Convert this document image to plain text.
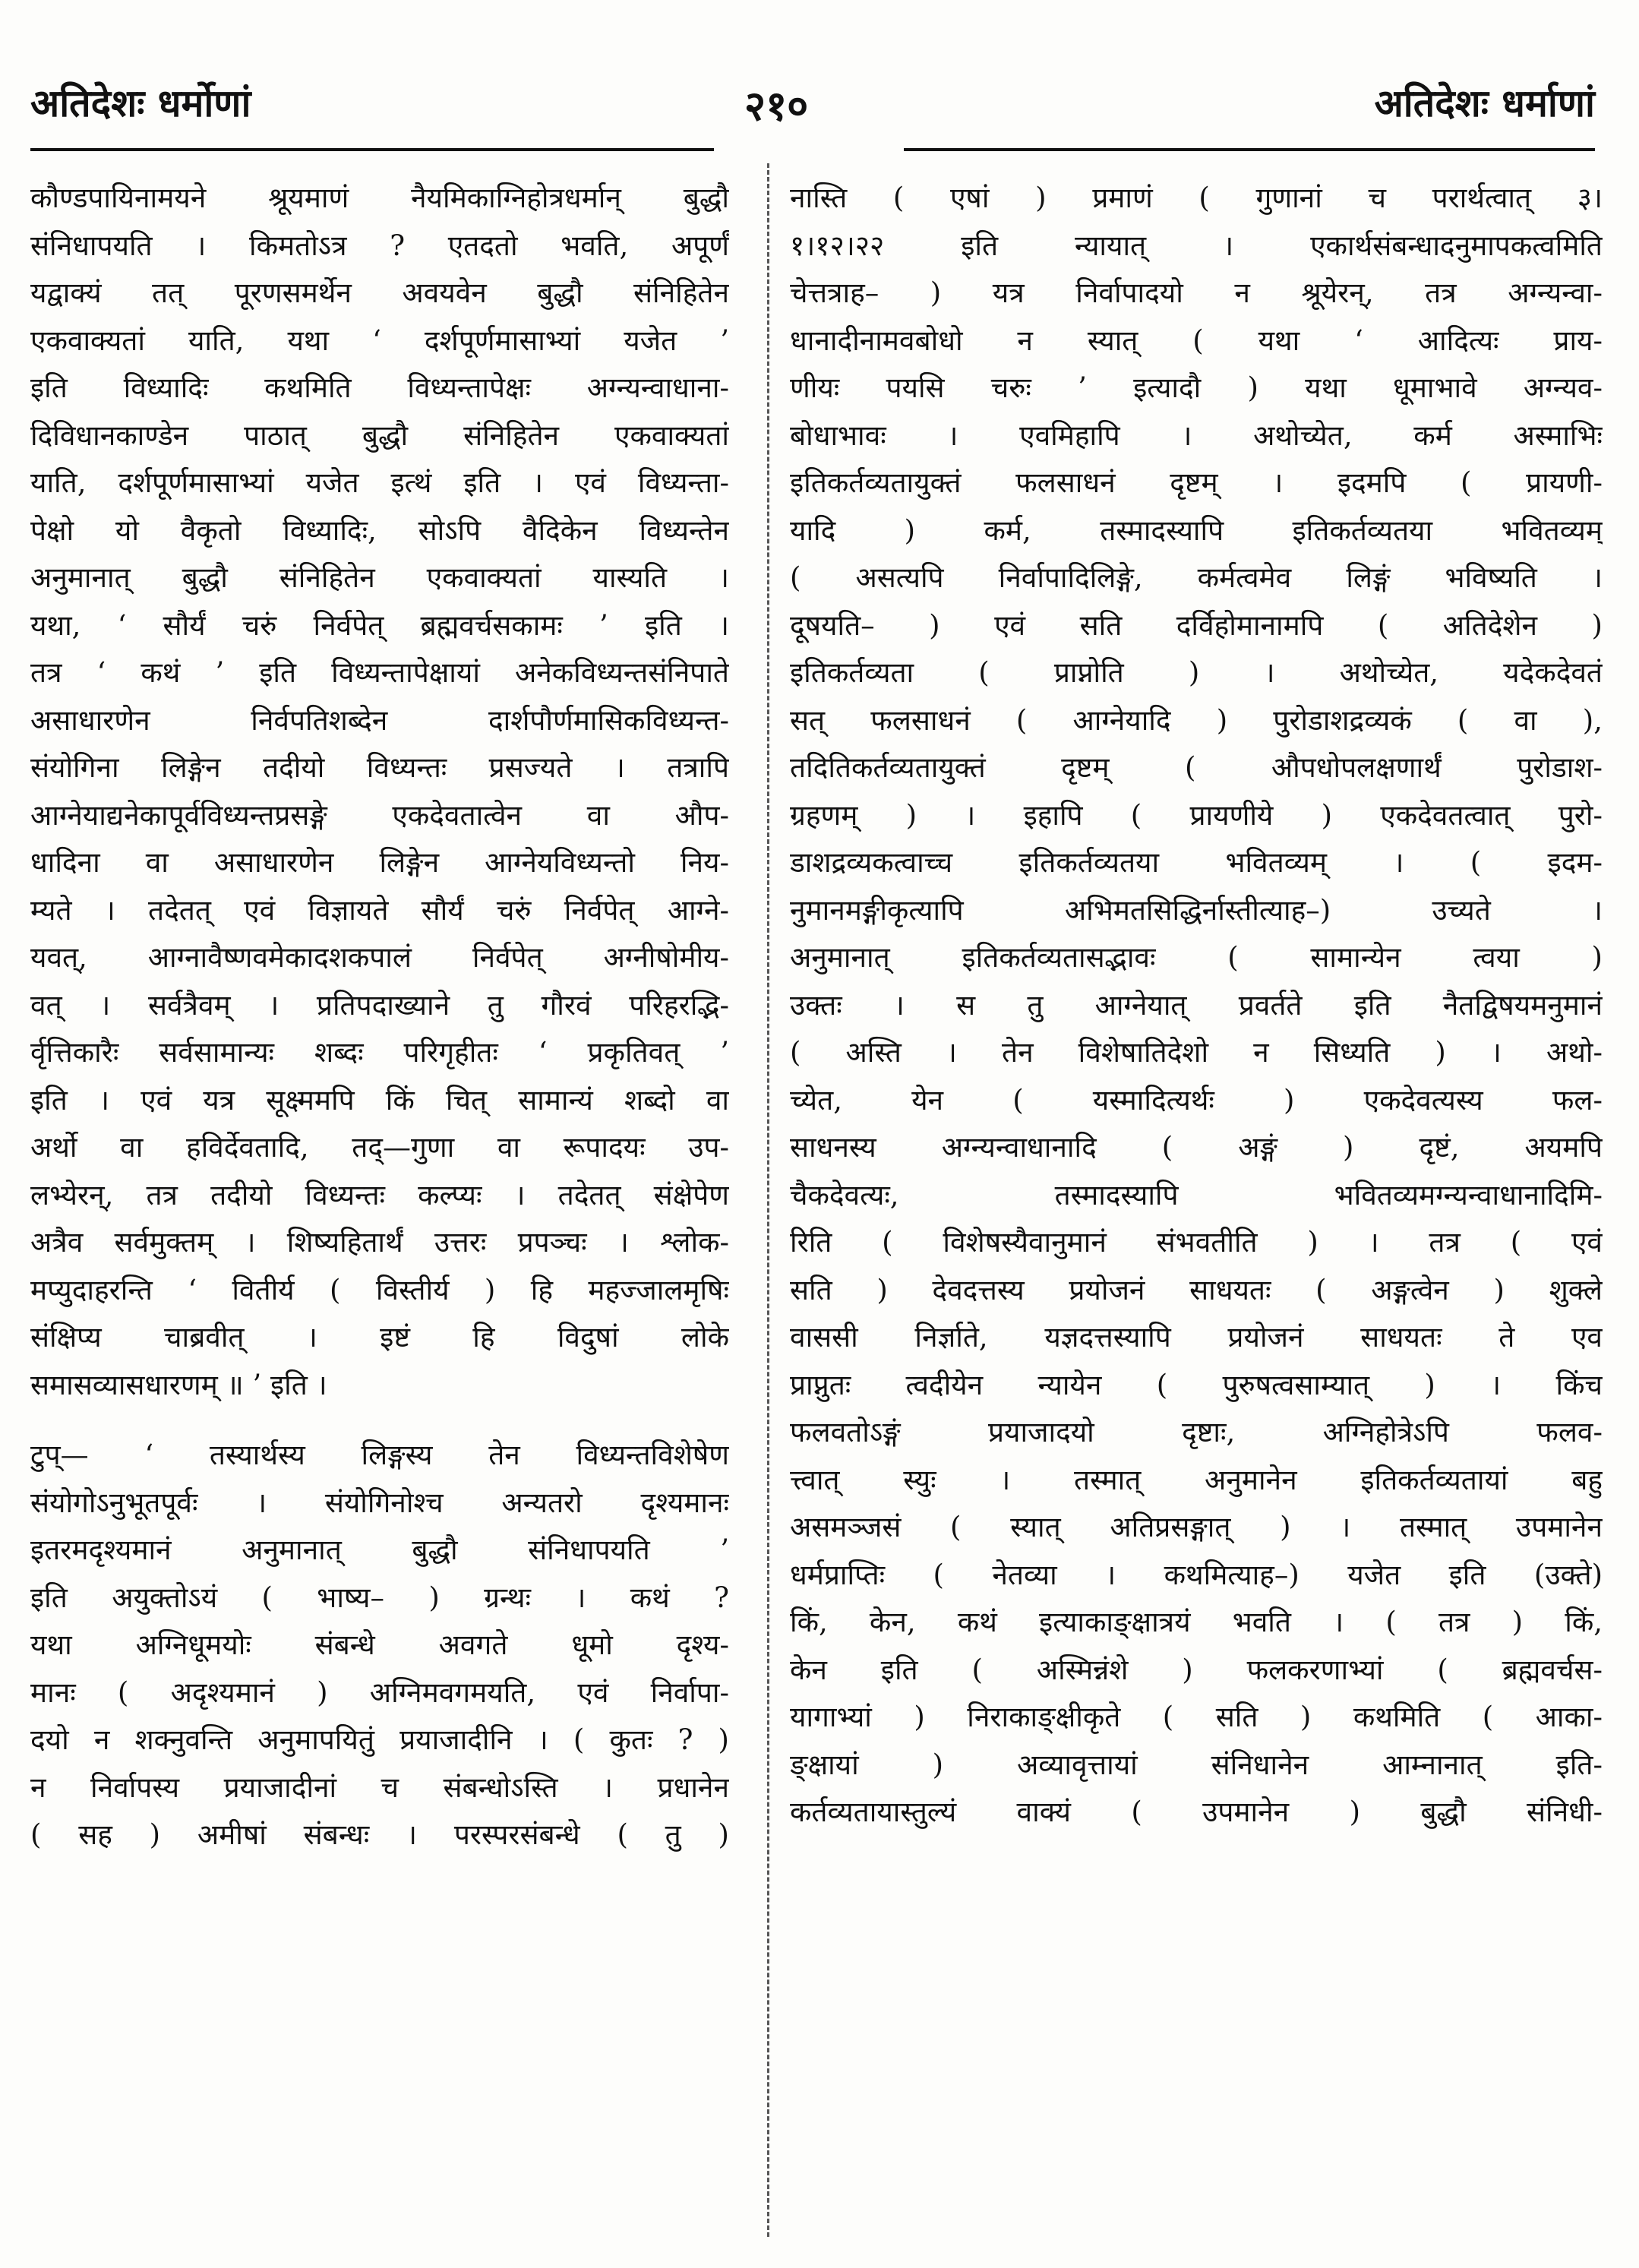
अतिदेशः धर्मोणां	२१०	अतिदेशः धर्माणां
कौण्डपायिनामयने श्रूयमाणं नैयमिकाग्निहोत्रधर्मान् बुद्धौ
संनिधापयति । किमतोऽत्र ? एतदतो भवति, अपूर्णं
यद्वाक्यं तत् पूरणसमर्थेन अवयवेन बुद्धौ संनिहितेन
एकवाक्यतां याति, यथा ‘ दर्शपूर्णमासाभ्यां यजेत ’
इति विध्यादिः कथमिति विध्यन्तापेक्षः अग्न्यन्वाधाना-
दिविधानकाण्डेन पाठात् बुद्धौ संनिहितेन एकवाक्यतां
याति, दर्शपूर्णमासाभ्यां यजेत इत्थं इति । एवं विध्यन्ता-
पेक्षो यो वैकृतो विध्यादिः, सोऽपि वैदिकेन विध्यन्तेन
अनुमानात् बुद्धौ संनिहितेन एकवाक्यतां यास्यति ।
यथा, ‘ सौर्यं चरुं निर्वपेत् ब्रह्मवर्चसकामः ’ इति ।
तत्र ‘ कथं ’ इति विध्यन्तापेक्षायां अनेकविध्यन्तसंनिपाते
असाधारणेन निर्वपतिशब्देन दार्शपौर्णमासिकविध्यन्त-
संयोगिना लिङ्गेन तदीयो विध्यन्तः प्रसज्यते । तत्रापि
आग्नेयाद्यनेकापूर्वविध्यन्तप्रसङ्गे एकदेवतात्वेन वा औप-
धादिना वा असाधारणेन लिङ्गेन आग्नेयविध्यन्तो निय-
म्यते । तदेतत् एवं विज्ञायते सौर्यं चरुं निर्वपेत् आग्ने-
यवत्, आग्नावैष्णवमेकादशकपालं निर्वपेत् अग्नीषोमीय-
वत् । सर्वत्रैवम् । प्रतिपदाख्याने तु गौरवं परिहरद्भि-
र्वृत्तिकारैः सर्वसामान्यः शब्दः परिगृहीतः ‘ प्रकृतिवत् ’
इति । एवं यत्र सूक्ष्ममपि किं चित् सामान्यं शब्दो वा
अर्थो वा हविर्देवतादि, तद्—गुणा वा रूपादयः उप-
लभ्येरन्, तत्र तदीयो विध्यन्तः कल्प्यः । तदेतत् संक्षेपेण
अत्रैव सर्वमुक्तम् । शिष्यहितार्थं उत्तरः प्रपञ्चः । श्लोक-
मप्युदाहरन्ति ‘ वितीर्य ( विस्तीर्य ) हि महज्जालमृषिः
संक्षिप्य चाब्रवीत् । इष्टं हि विदुषां लोके
समासव्यासधारणम् ॥ ’ इति ।
टुप्— ‘ तस्यार्थस्य लिङ्गस्य तेन विध्यन्तविशेषेण
संयोगोऽनुभूतपूर्वः । संयोगिनोश्च अन्यतरो दृश्यमानः
इतरमदृश्यमानं अनुमानात् बुद्धौ संनिधापयति ’
इति अयुक्तोऽयं ( भाष्य– ) ग्रन्थः । कथं ?
यथा अग्निधूमयोः संबन्धे अवगते धूमो दृश्य-
मानः ( अदृश्यमानं ) अग्निमवगमयति, एवं निर्वापा-
दयो न शक्नुवन्ति अनुमापयितुं प्रयाजादीनि । ( कुतः ? )
न निर्वापस्य प्रयाजादीनां च संबन्धोऽस्ति । प्रधानेन
( सह ) अमीषां संबन्धः । परस्परसंबन्धे ( तु )
नास्ति ( एषां ) प्रमाणं ( गुणानां च परार्थत्वात् ३।
१।१२।२२ इति न्यायात् । एकार्थसंबन्धादनुमापकत्वमिति
चेत्तत्राह– ) यत्र निर्वापादयो न श्रूयेरन्, तत्र अग्न्यन्वा-
धानादीनामवबोधो न स्यात् ( यथा ‘ आदित्यः प्राय-
णीयः पयसि चरुः ’ इत्यादौ ) यथा धूमाभावे अग्न्यव-
बोधाभावः । एवमिहापि । अथोच्येत, कर्म अस्माभिः
इतिकर्तव्यतायुक्तं फलसाधनं दृष्टम् । इदमपि ( प्रायणी-
यादि ) कर्म, तस्मादस्यापि इतिकर्तव्यतया भवितव्यम्
( असत्यपि निर्वापादिलिङ्गे, कर्मत्वमेव लिङ्गं भविष्यति ।
दूषयति– ) एवं सति दर्विहोमानामपि ( अतिदेशेन )
इतिकर्तव्यता ( प्राप्नोति ) । अथोच्येत, यदेकदेवतं
सत् फलसाधनं ( आग्नेयादि ) पुरोडाशद्रव्यकं ( वा ),
तदितिकर्तव्यतायुक्तं दृष्टम् ( औपधोपलक्षणार्थं पुरोडाश-
ग्रहणम् ) । इहापि ( प्रायणीये ) एकदेवतत्वात् पुरो-
डाशद्रव्यकत्वाच्च इतिकर्तव्यतया भवितव्यम् । ( इदम-
नुमानमङ्गीकृत्यापि अभिमतसिद्धिर्नास्तीत्याह–) उच्यते ।
अनुमानात् इतिकर्तव्यतासद्भावः ( सामान्येन त्वया )
उक्तः । स तु आग्नेयात् प्रवर्तते इति नैतद्विषयमनुमानं
( अस्ति । तेन विशेषातिदेशो न सिध्यति ) । अथो-
च्येत, येन ( यस्मादित्यर्थः ) एकदेवत्यस्य फल-
साधनस्य अग्न्यन्वाधानादि ( अङ्गं ) दृष्टं, अयमपि
चैकदेवत्यः, तस्मादस्यापि भवितव्यमग्न्यन्वाधानादिमि-
रिति ( विशेषस्यैवानुमानं संभवतीति ) । तत्र ( एवं
सति ) देवदत्तस्य प्रयोजनं साधयतः ( अङ्गत्वेन ) शुक्ले
वाससी निर्ज्ञाते, यज्ञदत्तस्यापि प्रयोजनं साधयतः ते एव
प्राप्नुतः त्वदीयेन न्यायेन ( पुरुषत्वसाम्यात् ) । किंच
फलवतोऽङ्गं प्रयाजादयो दृष्टाः, अग्निहोत्रेऽपि फलव-
त्त्वात् स्युः । तस्मात् अनुमानेन इतिकर्तव्यतायां बहु
असमञ्जसं ( स्यात् अतिप्रसङ्गात् ) । तस्मात् उपमानेन
धर्मप्राप्तिः ( नेतव्या । कथमित्याह–) यजेत इति (उक्ते)
किं, केन, कथं इत्याकाङ्क्षात्रयं भवति । ( तत्र ) किं,
केन इति ( अस्मिन्नंशे ) फलकरणाभ्यां ( ब्रह्मवर्चस-
यागाभ्यां ) निराकाङ्क्षीकृते ( सति ) कथमिति ( आका-
ङ्क्षायां ) अव्यावृत्तायां संनिधानेन आम्नानात् इति-
कर्तव्यतायास्तुल्यं वाक्यं ( उपमानेन ) बुद्धौ संनिधी-
